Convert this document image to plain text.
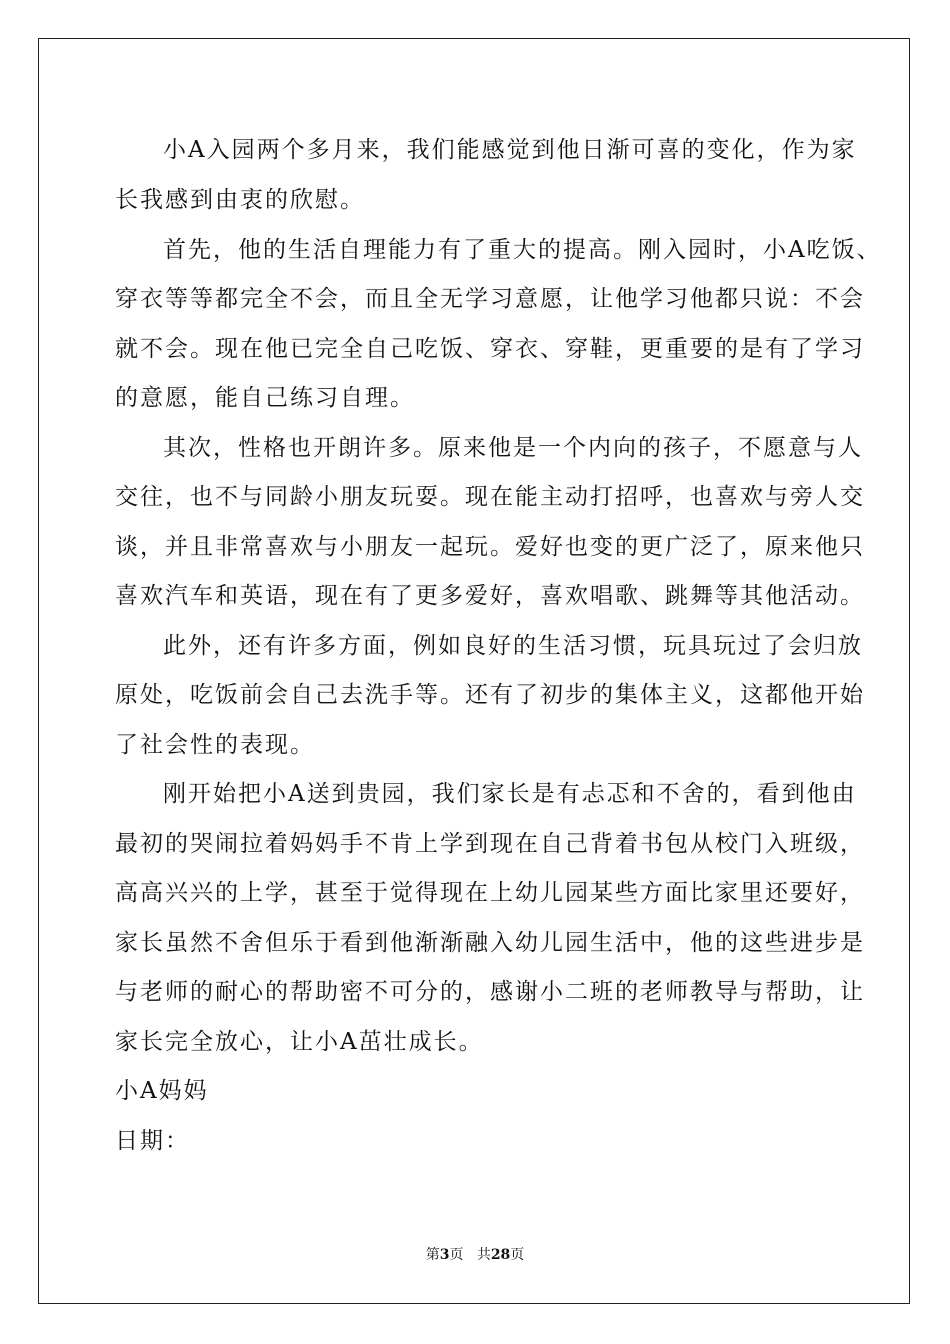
小A入园两个多月来，我们能感觉到他日渐可喜的变化，作为家
长我感到由衷的欣慰。
首先，他的生活自理能力有了重大的提高。刚入园时，小A吃饭、
穿衣等等都完全不会，而且全无学习意愿，让他学习他都只说：不会
就不会。现在他已完全自己吃饭、穿衣、穿鞋，更重要的是有了学习
的意愿，能自己练习自理。
其次，性格也开朗许多。原来他是一个内向的孩子，不愿意与人
交往，也不与同龄小朋友玩耍。现在能主动打招呼，也喜欢与旁人交
谈，并且非常喜欢与小朋友一起玩。爱好也变的更广泛了，原来他只
喜欢汽车和英语，现在有了更多爱好，喜欢唱歌、跳舞等其他活动。
此外，还有许多方面，例如良好的生活习惯，玩具玩过了会归放
原处，吃饭前会自己去洗手等。还有了初步的集体主义，这都他开始
了社会性的表现。
刚开始把小A送到贵园，我们家长是有忐忑和不舍的，看到他由
最初的哭闹拉着妈妈手不肯上学到现在自己背着书包从校门入班级，
高高兴兴的上学，甚至于觉得现在上幼儿园某些方面比家里还要好，
家长虽然不舍但乐于看到他渐渐融入幼儿园生活中，他的这些进步是
与老师的耐心的帮助密不可分的，感谢小二班的老师教导与帮助，让
家长完全放心，让小A茁壮成长。
小A妈妈
日期：
第3页 共28页
